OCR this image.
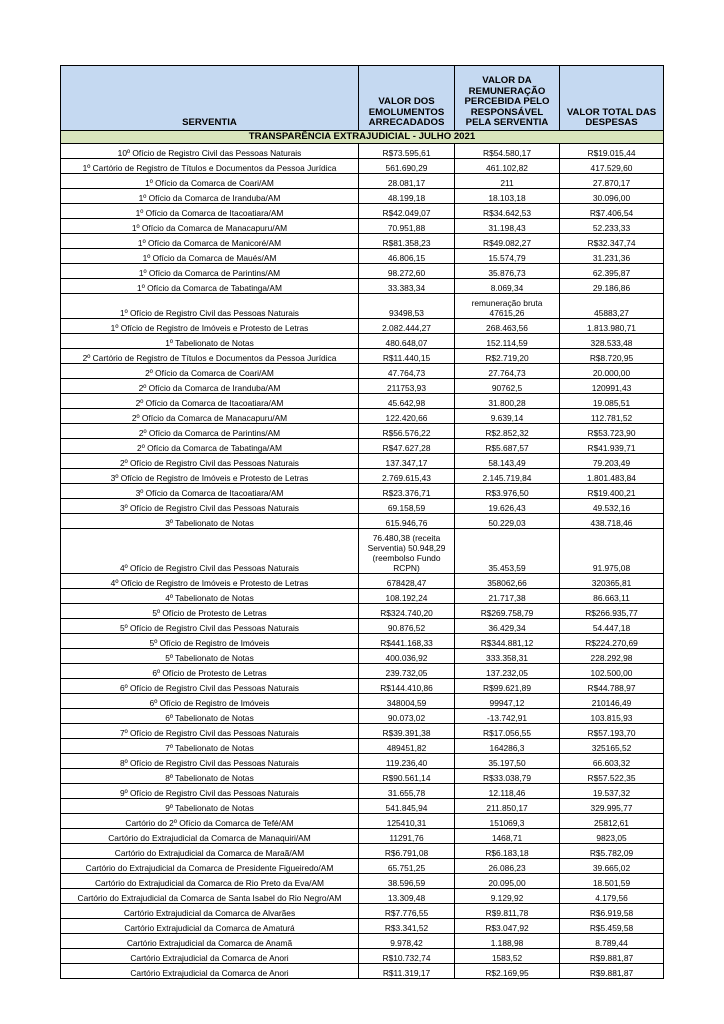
SERVENTIA	VALOR DOS EMOLUMENTOS ARRECADADOS	VALOR DA REMUNERAÇÃO PERCEBIDA PELO RESPONSÁVEL PELA SERVENTIA	VALOR TOTAL DAS DESPESAS
TRANSPARÊNCIA EXTRAJUDICIAL - JULHO 2021			
10º Ofício de Registro Civil das Pessoas Naturais	R$73.595,61	R$54.580,17	R$19.015,44
1º Cartório de Registro de Títulos e Documentos da Pessoa Jurídica	561.690,29	461.102,82	417.529,60
1º Ofício da Comarca de Coari/AM	28.081,17	211	27.870,17
1º Ofício da Comarca de Iranduba/AM	48.199,18	18.103,18	30.096,00
1º Ofício da Comarca de Itacoatiara/AM	R$42.049,07	R$34.642,53	R$7.406,54
1º Ofício da Comarca de Manacapuru/AM	70.951,88	31.198,43	52.233,33
1º Ofício da Comarca de Manicoré/AM	R$81.358,23	R$49.082,27	R$32.347,74
1º Ofício da Comarca de Maués/AM	46.806,15	15.574,79	31.231,36
1º Ofício da Comarca de Parintins/AM	98.272,60	35.876,73	62.395,87
1º Ofício da Comarca de Tabatinga/AM	33.383,34	8.069,34	29.186,86
1º Ofício de Registro Civil das Pessoas Naturais	93498,53	remuneração bruta 47615,26	45883,27
1º Ofício de Registro de Imóveis e Protesto de Letras	2.082.444,27	268.463,56	1.813.980,71
1º Tabelionato de Notas	480.648,07	152.114,59	328.533,48
2º Cartório de Registro de Títulos e Documentos da Pessoa Jurídica	R$11.440,15	R$2.719,20	R$8.720,95
2º Ofício da Comarca de Coari/AM	47.764,73	27.764,73	20.000,00
2º Ofício da Comarca de Iranduba/AM	211753,93	90762,5	120991,43
2º Ofício da Comarca de Itacoatiara/AM	45.642,98	31.800,28	19.085,51
2º Ofício da Comarca de Manacapuru/AM	122.420,66	9.639,14	112.781,52
2º Ofício da Comarca de Parintins/AM	R$56.576,22	R$2.852,32	R$53.723,90
2º Ofício da Comarca de Tabatinga/AM	R$47.627,28	R$5.687,57	R$41.939,71
2º Ofício de Registro Civil das Pessoas Naturais	137.347,17	58.143,49	79.203,49
3º Ofício de Registro de Imóveis e Protesto de Letras	2.769.615,43	2.145.719,84	1.801.483,84
3º Ofício da Comarca de Itacoatiara/AM	R$23.376,71	R$3.976,50	R$19.400,21
3º Ofício de Registro Civil das Pessoas Naturais	69.158,59	19.626,43	49.532,16
3º Tabelionato de Notas	615.946,76	50.229,03	438.718,46
4º Ofício de Registro Civil das Pessoas Naturais	76.480,38 (receita Serventia) 50.948,29 (reembolso Fundo RCPN)	35.453,59	91.975,08
4º Ofício de Registro de Imóveis e Protesto de Letras	678428,47	358062,66	320365,81
4º Tabelionato de Notas	108.192,24	21.717,38	86.663,11
5º Ofício de Protesto de Letras	R$324.740,20	R$269.758,79	R$266.935,77
5º Ofício de Registro Civil das Pessoas Naturais	90.876,52	36.429,34	54.447,18
5º Ofício de Registro de Imóveis	R$441.168,33	R$344.881,12	R$224.270,69
5º Tabelionato de Notas	400.036,92	333.358,31	228.292,98
6º Ofício de Protesto de Letras	239.732,05	137.232,05	102.500,00
6º Ofício de Registro Civil das Pessoas Naturais	R$144.410,86	R$99.621,89	R$44.788,97
6º Ofício de Registro de Imóveis	348004,59	99947,12	210146,49
6º Tabelionato de Notas	90.073,02	-13.742,91	103.815,93
7º Ofício de Registro Civil das Pessoas Naturais	R$39.391,38	R$17.056,55	R$57.193,70
7º Tabelionato de Notas	489451,82	164286,3	325165,52
8º Ofício de Registro Civil das Pessoas Naturais	119.236,40	35.197,50	66.603,32
8º Tabelionato de Notas	R$90.561,14	R$33.038,79	R$57.522,35
9º Ofício de Registro Civil das Pessoas Naturais	31.655,78	12.118,46	19.537,32
9º Tabelionato de Notas	541.845,94	211.850,17	329.995,77
Cartório do 2º Ofício da Comarca de Tefé/AM	125410,31	151069,3	25812,61
Cartório do Extrajudicial da Comarca de Manaquiri/AM	11291,76	1468,71	9823,05
Cartório do Extrajudicial da Comarca de Maraã/AM	R$6.791,08	R$6.183,18	R$5.782,09
Cartório do Extrajudicial da Comarca de Presidente Figueiredo/AM	65.751,25	26.086,23	39.665,02
Cartório do Extrajudicial da Comarca de Rio Preto da Eva/AM	38.596,59	20.095,00	18.501,59
Cartório do Extrajudicial da Comarca de Santa Isabel do Rio Negro/AM	13.309,48	9.129,92	4.179,56
Cartório Extrajudicial da Comarca de Alvarães	R$7.776,55	R$9.811,78	R$6.919,58
Cartório Extrajudicial da Comarca de Amaturá	R$3.341,52	R$3.047,92	R$5.459,58
Cartório Extrajudicial da Comarca de Anamã	9.978,42	1.188,98	8.789,44
Cartório Extrajudicial da Comarca de Anori	R$10.732,74	1583,52	R$9.881,87
Cartório Extrajudicial da Comarca de Anori	R$11.319,17	R$2.169,95	R$9.881,87
